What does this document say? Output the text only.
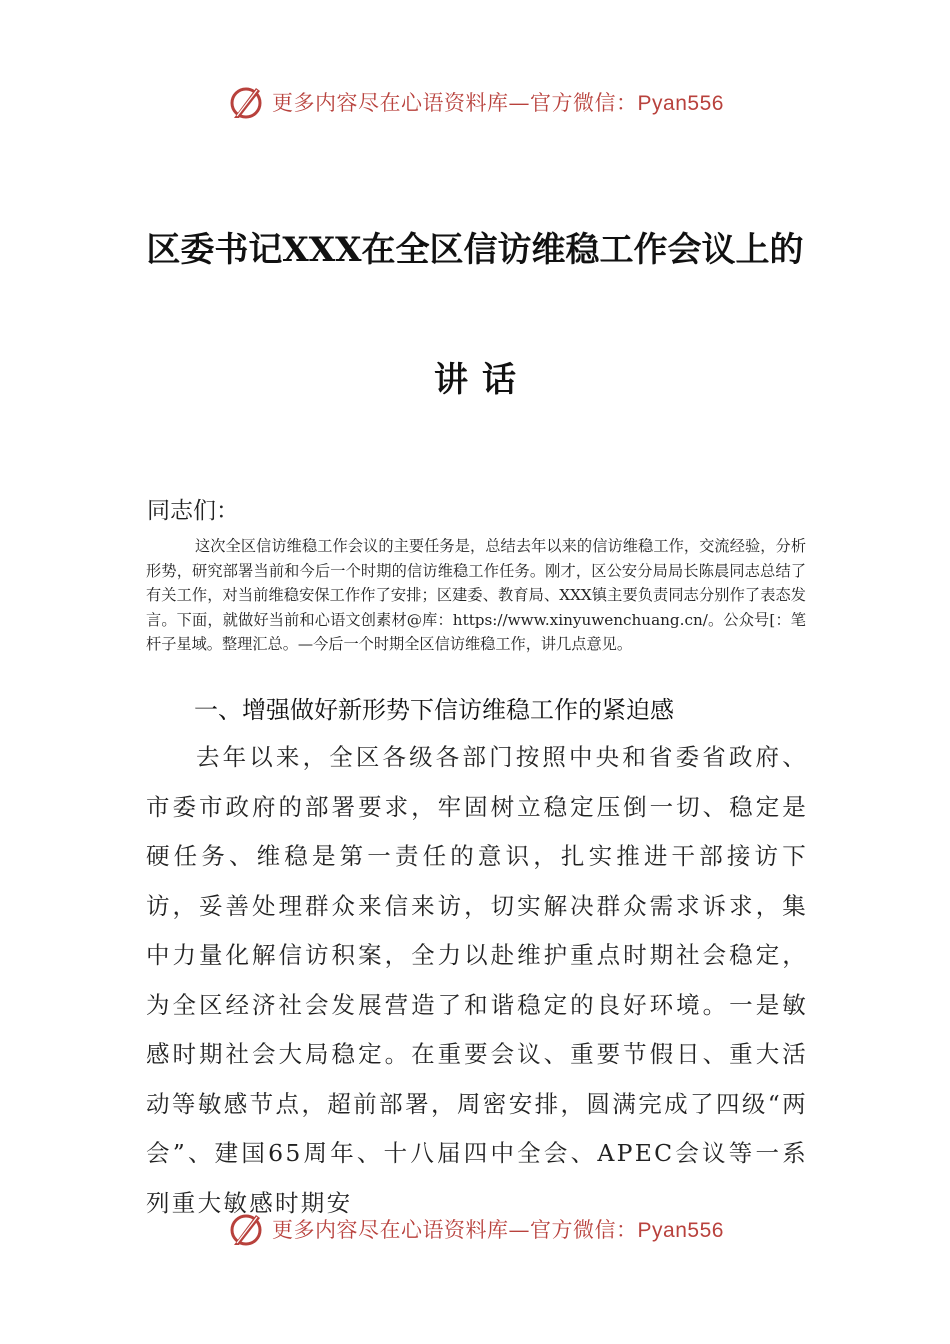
更多内容尽在心语资料库—官方微信：Pyan556
区委书记XXX在全区信访维稳工作会议上的
讲话
同志们：

这次全区信访维稳工作会议的主要任务是，总结去年以来的信访维稳工作，交流经验，分析形势，研究部署当前和今后一个时期的信访维稳工作任务。刚才，区公安分局局长陈晨同志总结了有关工作，对当前维稳安保工作作了安排；区建委、教育局、XXX镇主要负责同志分别作了表态发言。下面，就做好当前和心语文创素材@库：https://www.xinyuwenchuang.cn/。公众号[：笔杆子星域。整理汇总。—今后一个时期全区信访维稳工作，讲几点意见。

一、增强做好新形势下信访维稳工作的紧迫感

去年以来，全区各级各部门按照中央和省委省政府、市委市政府的部署要求，牢固树立稳定压倒一切、稳定是硬任务、维稳是第一责任的意识，扎实推进干部接访下访，妥善处理群众来信来访，切实解决群众需求诉求，集中力量化解信访积案，全力以赴维护重点时期社会稳定，为全区经济社会发展营造了和谐稳定的良好环境。一是敏感时期社会大局稳定。在重要会议、重要节假日、重大活动等敏感节点，超前部署，周密安排，圆满完成了四级“两会”、建国65周年、十八届四中全会、APEC会议等一系列重大敏感时期安

更多内容尽在心语资料库—官方微信：Pyan556
